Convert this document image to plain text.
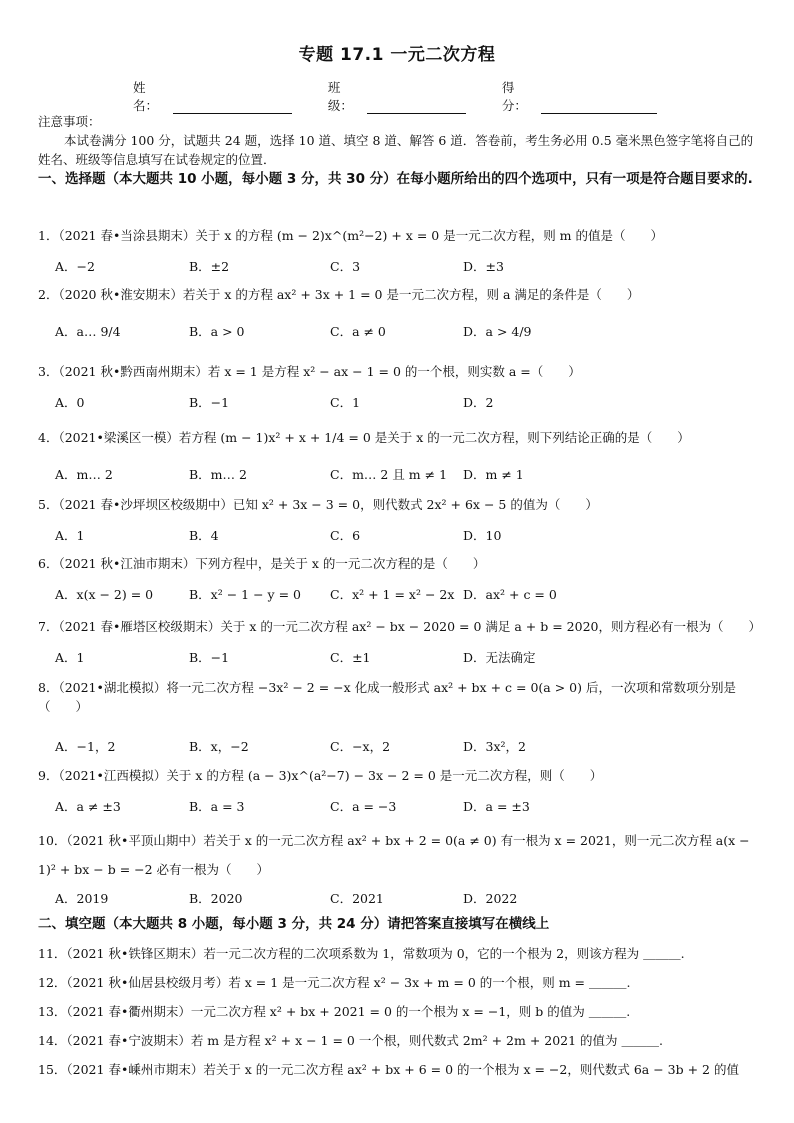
专题 17.1 一元二次方程
姓名：
班级：
得分：
注意事项：
本试卷满分 100 分，试题共 24 题，选择 10 道、填空 8 道、解答 6 道．答卷前，考生务必用 0.5 毫米黑色签字笔将自己的姓名、班级等信息填写在试卷规定的位置．
一、选择题（本大题共 10 小题，每小题 3 分，共 30 分）在每小题所给出的四个选项中，只有一项是符合题目要求的.
1．（2021 春•当涂县期末）关于 x 的方程 (m − 2)x^(m²−2) + x = 0 是一元二次方程，则 m 的值是（　　）
A．−2	B．±2	C．3	D．±3
2．（2020 秋•淮安期末）若关于 x 的方程 ax² + 3x + 1 = 0 是一元二次方程，则 a 满足的条件是（　　）
A．a… 9/4	B．a > 0	C．a ≠ 0	D．a > 4/9
3．（2021 秋•黔西南州期末）若 x = 1 是方程 x² − ax − 1 = 0 的一个根，则实数 a =（　　）
A．0	B．−1	C．1	D．2
4．（2021•梁溪区一模）若方程 (m − 1)x² + x + 1/4 = 0 是关于 x 的一元二次方程，则下列结论正确的是（　　）
A．m… 2	B．m… 2	C．m… 2 且 m ≠ 1	D．m ≠ 1
5．（2021 春•沙坪坝区校级期中）已知 x² + 3x − 3 = 0，则代数式 2x² + 6x − 5 的值为（　　）
A．1	B．4	C．6	D．10
6．（2021 秋•江油市期末）下列方程中，是关于 x 的一元二次方程的是（　　）
A．x(x − 2) = 0	B．x² − 1 − y = 0	C．x² + 1 = x² − 2x D．ax² + c = 0
7．（2021 春•雁塔区校级期末）关于 x 的一元二次方程 ax² − bx − 2020 = 0 满足 a + b = 2020，则方程必有一根为（　　）
A．1	B．−1	C．±1	D．无法确定
8．（2021•湖北模拟）将一元二次方程 −3x² − 2 = −x 化成一般形式 ax² + bx + c = 0(a > 0) 后，一次项和常数项分别是（　　）
A．−1，2	B．x，−2	C．−x，2	D．3x²，2
9．（2021•江西模拟）关于 x 的方程 (a − 3)x^(a²−7) − 3x − 2 = 0 是一元二次方程，则（　　）
A．a ≠ ±3	B．a = 3	C．a = −3	D．a = ±3
10．（2021 秋•平顶山期中）若关于 x 的一元二次方程 ax² + bx + 2 = 0(a ≠ 0) 有一根为 x = 2021，则一元二次方程 a(x − 1)² + bx − b = −2 必有一根为（　　）
A．2019	B．2020	C．2021	D．2022
二、填空题（本大题共 8 小题，每小题 3 分，共 24 分）请把答案直接填写在横线上
11．（2021 秋•铁锋区期末）若一元二次方程的二次项系数为 1，常数项为 0，它的一个根为 2，则该方程为 ＿＿＿.
12．（2021 秋•仙居县校级月考）若 x = 1 是一元二次方程 x² − 3x + m = 0 的一个根，则 m = ＿＿＿.
13．（2021 春•衢州期末）一元二次方程 x² + bx + 2021 = 0 的一个根为 x = −1，则 b 的值为 ＿＿＿.
14．（2021 春•宁波期末）若 m 是方程 x² + x − 1 = 0 一个根，则代数式 2m² + 2m + 2021 的值为 ＿＿＿.
15．（2021 春•嵊州市期末）若关于 x 的一元二次方程 ax² + bx + 6 = 0 的一个根为 x = −2，则代数式 6a − 3b + 2 的值
